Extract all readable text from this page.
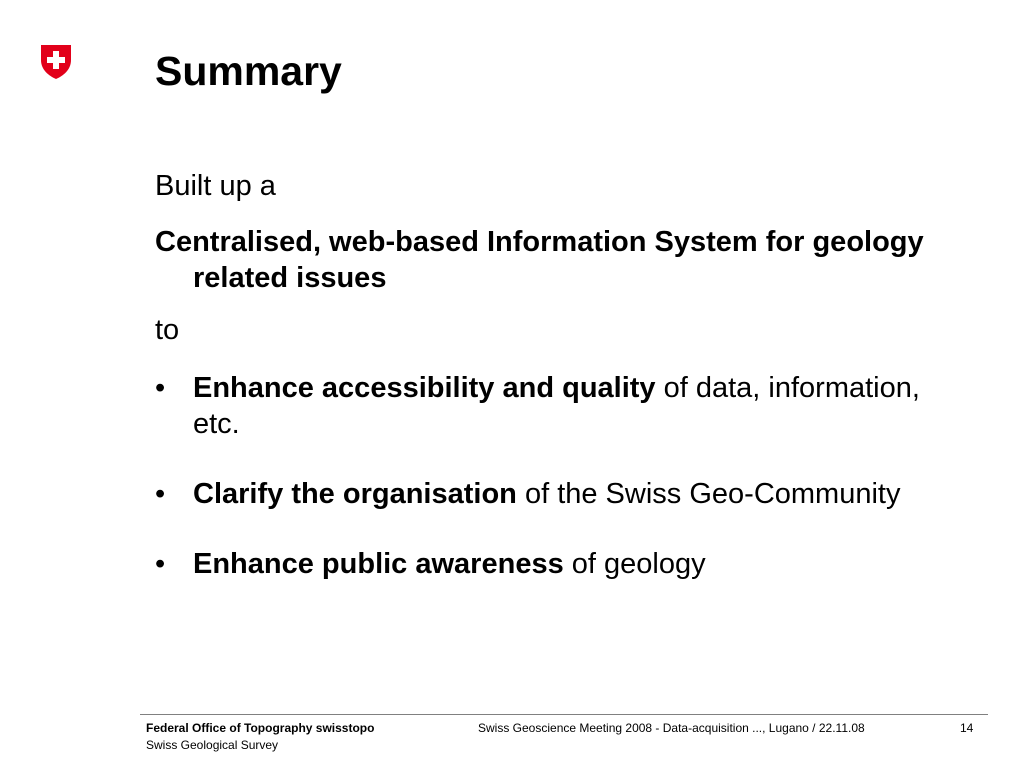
Summary

Built up a

Centralised, web-based Information System for geology related issues

to

• Enhance accessibility and quality of data, information, etc.
• Clarify the organisation of the Swiss Geo-Community
• Enhance public awareness of geology
Federal Office of Topography swisstopo
Swiss Geological Survey
Swiss Geoscience Meeting 2008 - Data-acquisition ..., Lugano / 22.11.08	14
